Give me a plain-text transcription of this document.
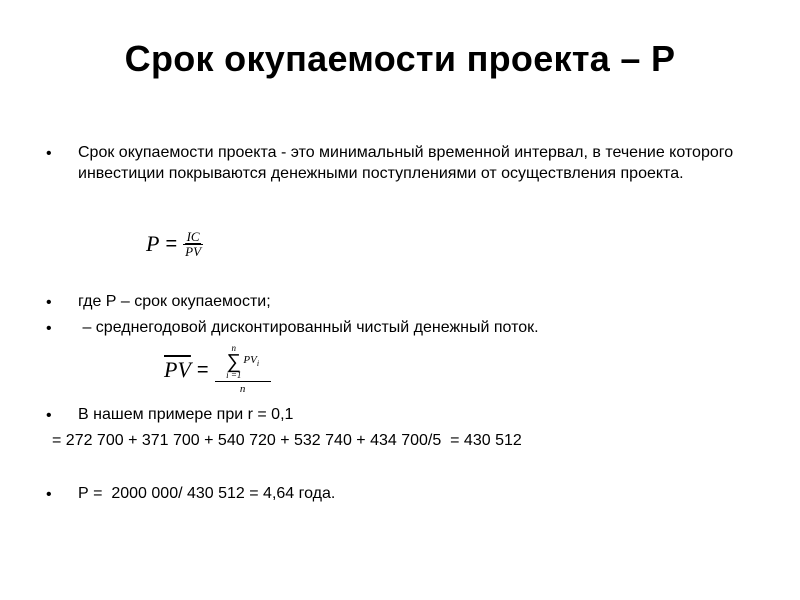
Срок окупаемости проекта – Р
• Срок окупаемости проекта - это минимальный временной интервал, в течение которого инвестиции покрываются денежными поступлениями от осуществления проекта.
$P = \frac{IC}{PV}$
• где Р – срок окупаемости;
• – среднегодовой дисконтированный чистый денежный поток.
$\overline{PV} = n$
∑
i =1
$PV_i$
n
• В нашем примере при r = 0,1
= 272 700 + 371 700 + 540 720 + 532 740 + 434 700/5  = 430 512
• Р =  2000 000/ 430 512 = 4,64 года.
